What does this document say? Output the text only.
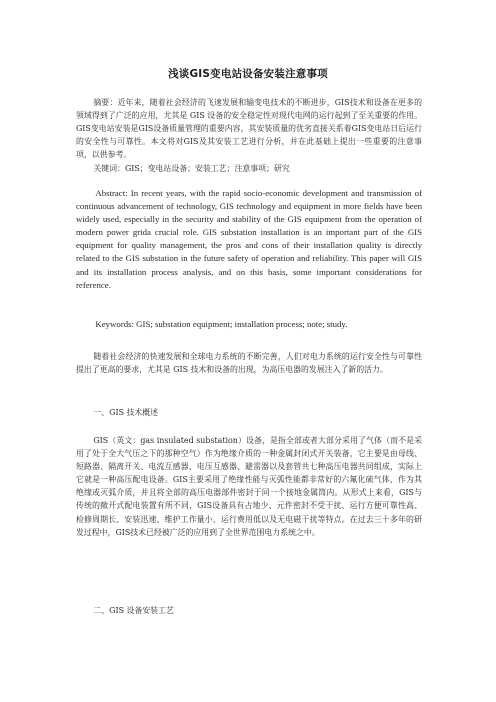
浅谈GIS变电站设备安装注意事项

摘要：近年来，随着社会经济的飞速发展和输变电技术的不断进步，GIS技术和设备在更多的领域得到了广泛的应用，尤其是 GIS 设备的安全稳定性对现代电网的运行起到了至关重要的作用。GIS变电站安装是GIS设备质量管理的重要内容，其安装质量的优劣直接关系着GIS变电站日后运行的安全性与可靠性。本文将对GIS及其安装工艺进行分析，并在此基础上提出一些重要的注意事项，以供参考。

关键词：GIS；变电站设备；安装工艺；注意事项；研究

Abstract: In recent years, with the rapid socio-economic development and transmission of continuous advancement of technology, GIS technology and equipment in more fields have been widely used, especially in the security and stability of the GIS equipment from the operation of modern power grida crucial role. GIS substation installation is an important part of the GIS equipment for quality management, the pros and cons of their installation quality is directly related to the GIS substation in the future safety of operation and reliability. This paper will GIS and its installation process analysis, and on this basis, some important considerations for reference.

Keywords: GIS; substation equipment; installation process; note; study.

随着社会经济的快速发展和全球电力系统的不断完善，人们对电力系统的运行安全性与可靠性提出了更高的要求，尤其是 GIS 技术和设备的出现，为高压电器的发展注入了新的活力。

一、GIS 技术概述

GIS（英文：gas insulated substation）设备，是指全部或者大部分采用了气体（而不是采用了处于全大气压之下的那种空气）作为绝缘介质的一种金属封闭式开关装备，它主要是由母线、短路器、隔离开关、电流互感器、电压互感器、避雷器以及套管共七种高压电器共同组成，实际上它就是一种高压配电设备。GIS主要采用了绝缘性能与灭弧性能都非常好的六氟化硫气体，作为其绝缘或灭弧介质，并且将全部的高压电器部件密封于同一个接地金属筒内。从形式上来看，GIS与传统的敞开式配电装置有所不同，GIS设备具有占地少、元件密封不受干扰、运行方便可靠性高、检修周期长、安装迅速、维护工作量小、运行费用低以及无电磁干扰等特点。在过去三十多年的研发过程中，GIS技术已经被广泛的应用到了全世界范围电力系统之中。

二、GIS 设备安装工艺
